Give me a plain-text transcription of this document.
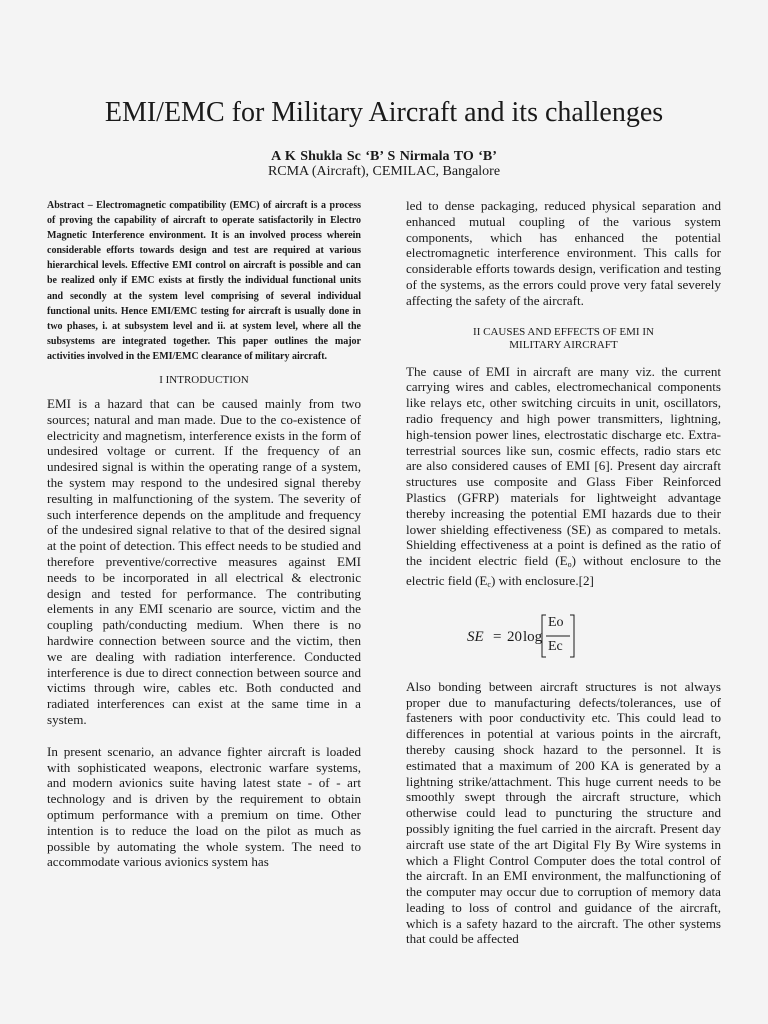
EMI/EMC for Military Aircraft and its challenges
A K Shukla Sc ‘B’ S Nirmala TO ‘B’
RCMA (Aircraft), CEMILAC, Bangalore

Abstract – Electromagnetic compatibility (EMC) of aircraft is a process of proving the capability of aircraft to operate satisfactorily in Electro Magnetic Interference environment. It is an involved process wherein considerable efforts towards design and test are required at various hierarchical levels. Effective EMI control on aircraft is possible and can be realized only if EMC exists at firstly the individual functional units and secondly at the system level comprising of several individual functional units. Hence EMI/EMC testing for aircraft is usually done in two phases, i. at subsystem level and ii. at system level, where all the subsystems are integrated together. This paper outlines the major activities involved in the EMI/EMC clearance of military aircraft.

I INTRODUCTION

EMI is a hazard that can be caused mainly from two sources; natural and man made. Due to the co-existence of electricity and magnetism, interference exists in the form of undesired voltage or current. If the frequency of an undesired signal is within the operating range of a system, the system may respond to the undesired signal thereby resulting in malfunctioning of the system. The severity of such interference depends on the amplitude and frequency of the undesired signal relative to that of the desired signal at the point of detection. This effect needs to be studied and therefore preventive/corrective measures against EMI needs to be incorporated in all electrical & electronic design and tested for performance. The contributing elements in any EMI scenario are source, victim and the coupling path/conducting medium. When there is no hardwire connection between source and the victim, then we are dealing with radiation interference. Conducted interference is due to direct connection between source and victims through wire, cables etc. Both conducted and radiated interferences can exist at the same time in a system.

In present scenario, an advance fighter aircraft is loaded with sophisticated weapons, electronic warfare systems, and modern avionics suite having latest state - of - art technology and is driven by the requirement to obtain optimum performance with a premium on time. Other intention is to reduce the load on the pilot as much as possible by automating the whole system. The need to accommodate various avionics system has

led to dense packaging, reduced physical separation and enhanced mutual coupling of the various system components, which has enhanced the potential electromagnetic interference environment. This calls for considerable efforts towards design, verification and testing of the systems, as the errors could prove very fatal severely affecting the safety of the aircraft.

II CAUSES AND EFFECTS OF EMI IN
MILITARY AIRCRAFT

The cause of EMI in aircraft are many viz. the current carrying wires and cables, electromechanical components like relays etc, other switching circuits in unit, oscillators, radio frequency and high power transmitters, lightning, high-tension power lines, electrostatic discharge etc. Extra-terrestrial sources like sun, cosmic effects, radio stars etc are also considered causes of EMI [6]. Present day aircraft structures use composite and Glass Fiber Reinforced Plastics (GFRP) materials for lightweight advantage thereby increasing the potential EMI hazards due to their lower shielding effectiveness (SE) as compared to metals. Shielding effectiveness at a point is defined as the ratio of the incident electric field $(E_o)$ without enclosure to the electric field $(E_c)$ with enclosure.[2]

SE = 20 log
Eo
Ec

Also bonding between aircraft structures is not always proper due to manufacturing defects/tolerances, use of fasteners with poor conductivity etc. This could lead to differences in potential at various points in the aircraft, thereby causing shock hazard to the personnel. It is estimated that a maximum of 200 KA is generated by a lightning strike/attachment. This huge current needs to be smoothly swept through the aircraft structure, which otherwise could lead to puncturing the structure and possibly igniting the fuel carried in the aircraft. Present day aircraft use state of the art Digital Fly By Wire systems in which a Flight Control Computer does the total control of the aircraft. In an EMI environment, the malfunctioning of the computer may occur due to corruption of memory data leading to loss of control and guidance of the aircraft, which is a safety hazard to the aircraft. The other systems that could be affected
